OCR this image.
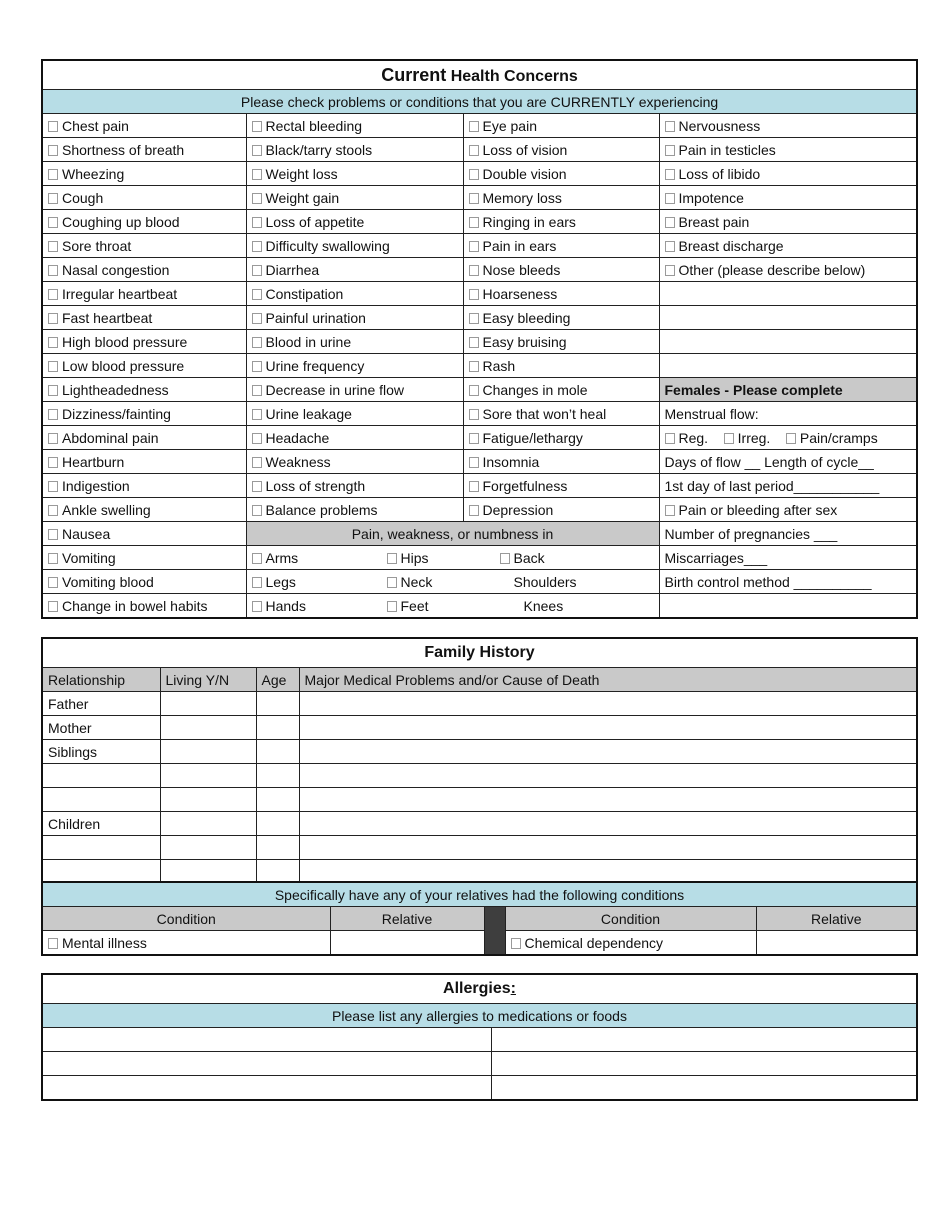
Current Health Concerns			
Please check problems or conditions that you are CURRENTLY experiencing			
Chest pain	Rectal bleeding	Eye pain	Nervousness
Shortness of breath	Black/tarry stools	Loss of vision	Pain in testicles
Wheezing	Weight loss	Double vision	Loss of libido
Cough	Weight gain	Memory loss	Impotence
Coughing up blood	Loss of appetite	Ringing in ears	Breast pain
Sore throat	Difficulty swallowing	Pain in ears	Breast discharge
Nasal congestion	Diarrhea	Nose bleeds	Other (please describe below)
Irregular heartbeat	Constipation	Hoarseness	
Fast heartbeat	Painful urination	Easy bleeding	
High blood pressure	Blood in urine	Easy bruising	
Low blood pressure	Urine frequency	Rash	
Lightheadedness	Decrease in urine flow	Changes in mole	Females - Please complete
Dizziness/fainting	Urine leakage	Sore that won’t heal	Menstrual flow:
Abdominal pain	Headache	Fatigue/lethargy	Reg. Irreg. Pain/cramps
Heartburn	Weakness	Insomnia	Days of flow __ Length of cycle__
Indigestion	Loss of strength	Forgetfulness	1st day of last period___________
Ankle swelling	Balance problems	Depression	Pain or bleeding after sex
Nausea	Pain, weakness, or numbness in		Number of pregnancies ___
Vomiting	Arms Hips Back		Miscarriages___
Vomiting blood	Legs Neck Shoulders		Birth control method __________
Change in bowel habits	Hands Feet Knees		
Family History			
Relationship	Living Y/N	Age	Major Medical Problems and/or Cause of Death
Father			
Mother			
Siblings			

Children			

Specifically have any of your relatives had the following conditions				
Condition	Relative		Condition	Relative
Mental illness			Chemical dependency	
Allergies:	
Please list any allergies to medications or foods	
